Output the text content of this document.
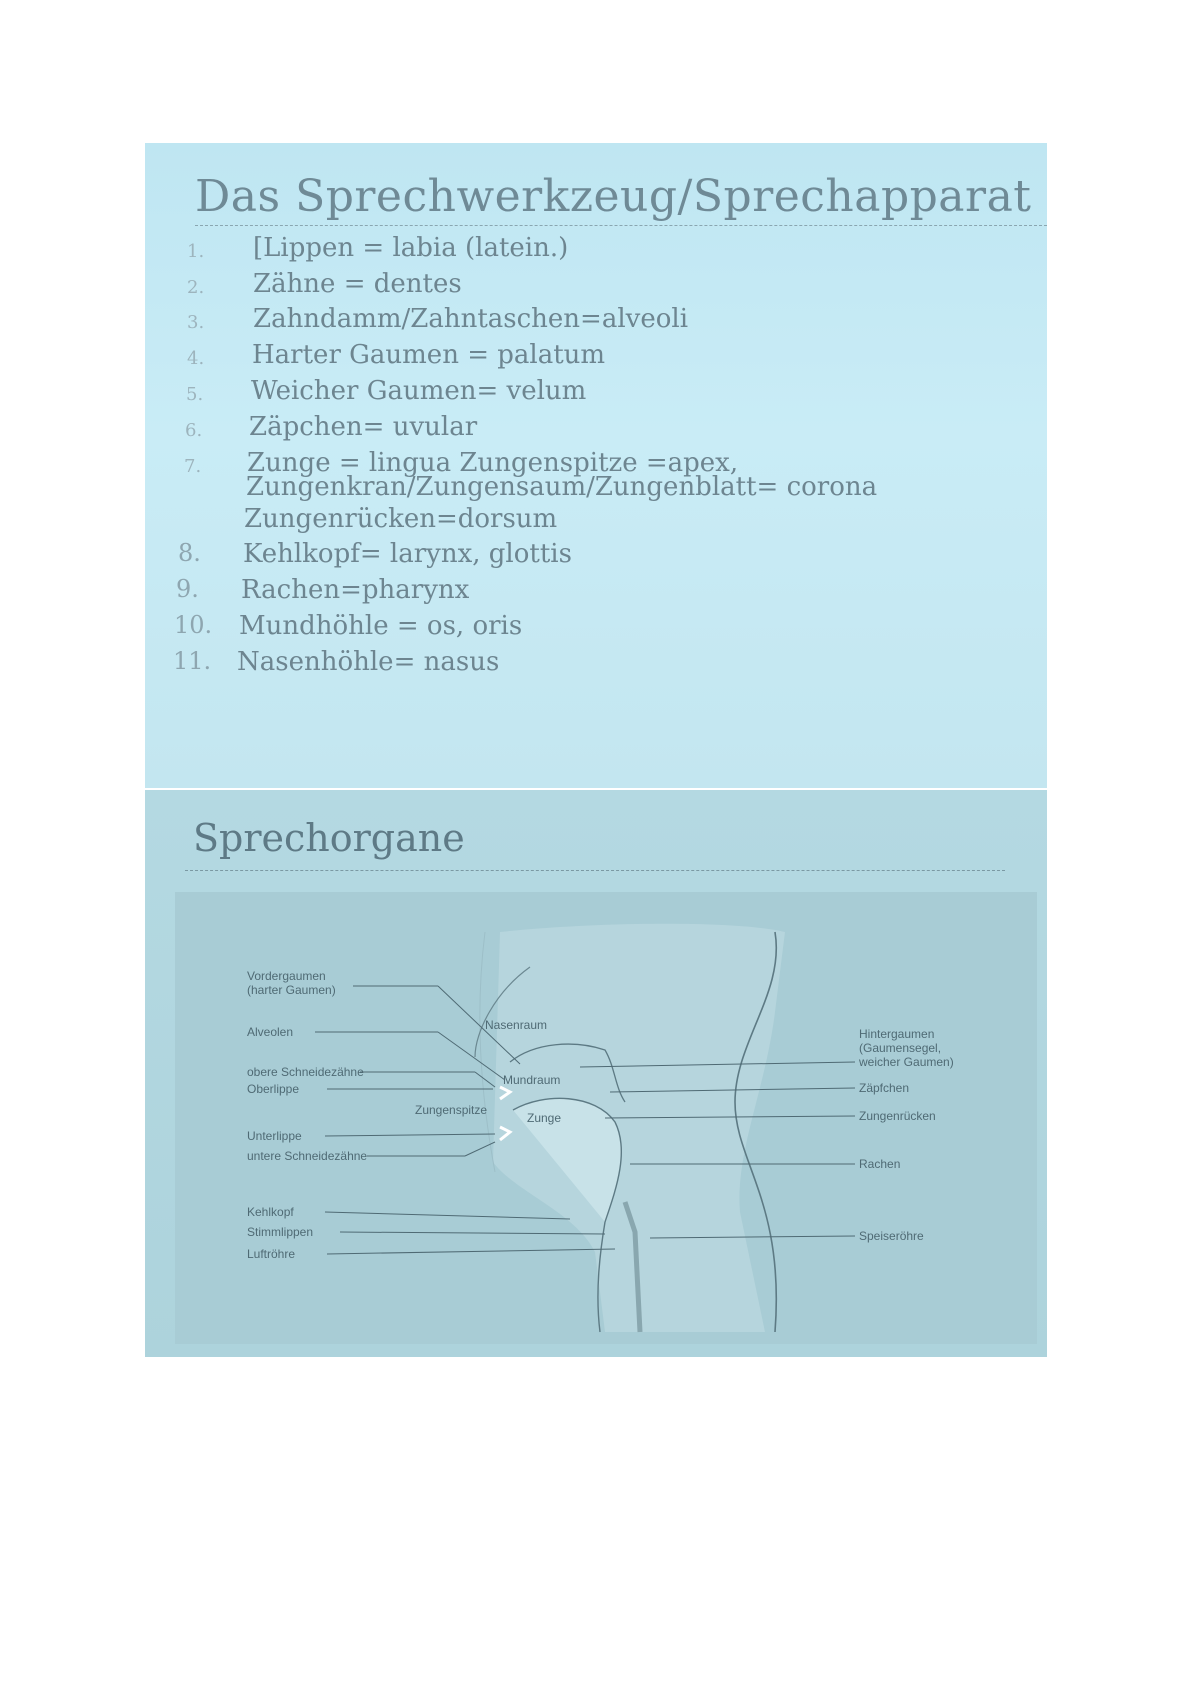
Das Sprechwerkzeug/Sprechapparat
1. [Lippen = labia (latein.)
2. Zähne = dentes
3. Zahndamm/Zahntaschen=alveoli
4. Harter Gaumen = palatum
5. Weicher Gaumen= velum
6. Zäpchen= uvular
7. Zunge = lingua Zungenspitze =apex,
Zungenkran/Zungensaum/Zungenblatt= corona
Zungenrücken=dorsum
8. Kehlkopf= larynx, glottis
9. Rachen=pharynx
10. Mundhöhle = os, oris
11. Nasenhöhle= nasus
Sprechorgane
Vordergaumen
(harter Gaumen)
Alveolen
obere Schneidezähne
Oberlippe
Zungenspitze
Unterlippe
untere Schneidezähne
Kehlkopf
Stimmlippen
Luftröhre
Nasenraum
Mundraum
Zunge
Hintergaumen
(Gaumensegel,
weicher Gaumen)
Zäpfchen
Zungenrücken
Rachen
Speiseröhre
